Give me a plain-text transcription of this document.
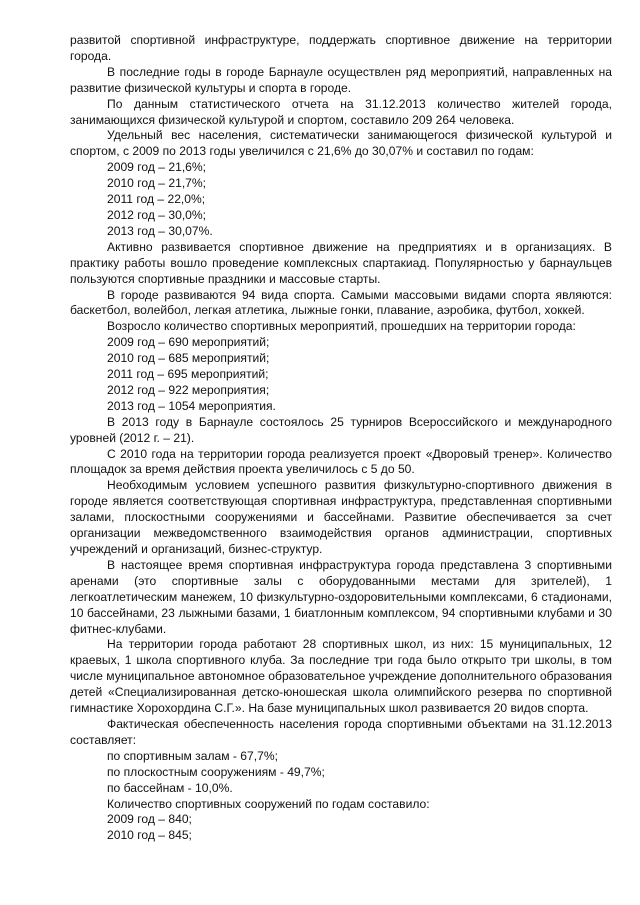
развитой спортивной инфраструктуре, поддержать спортивное движение на территории города.

В последние годы в городе Барнауле осуществлен ряд мероприятий, направленных на развитие физической культуры и спорта в городе.

По данным статистического отчета на 31.12.2013 количество жителей города, занимающихся физической культурой и спортом, составило 209 264 человека.

Удельный вес населения, систематически занимающегося физической культурой и спортом, с 2009 по 2013 годы увеличился с 21,6% до 30,07% и составил по годам:

2009 год – 21,6%;

2010 год – 21,7%;

2011 год – 22,0%;

2012 год – 30,0%;

2013 год – 30,07%.

Активно развивается спортивное движение на предприятиях и в организациях. В практику работы вошло проведение комплексных спартакиад. Популярностью у барнаульцев пользуются спортивные праздники и массовые старты.

В городе развиваются 94 вида спорта. Самыми массовыми видами спорта являются: баскетбол, волейбол, легкая атлетика, лыжные гонки, плавание, аэробика, футбол, хоккей.

Возросло количество спортивных мероприятий, прошедших на территории города:

2009 год – 690 мероприятий;

2010 год – 685 мероприятий;

2011 год – 695 мероприятий;

2012 год – 922 мероприятия;

2013 год – 1054 мероприятия.

В 2013 году в Барнауле состоялось 25 турниров Всероссийского и международного уровней (2012 г. – 21).

С 2010 года на территории города реализуется проект «Дворовый тренер». Количество площадок за время действия проекта увеличилось с 5 до 50.

Необходимым условием успешного развития физкультурно-спортивного движения в городе является соответствующая спортивная инфраструктура, представленная спортивными залами, плоскостными сооружениями и бассейнами. Развитие обеспечивается за счет организации межведомственного взаимодействия органов администрации, спортивных учреждений и организаций, бизнес-структур.

В настоящее время спортивная инфраструктура города представлена 3 спортивными аренами (это спортивные залы с оборудованными местами для зрителей), 1 легкоатлетическим манежем, 10 физкультурно-оздоровительными комплексами, 6 стадионами, 10 бассейнами, 23 лыжными базами, 1 биатлонным комплексом, 94 спортивными клубами и 30 фитнес-клубами.

На территории города работают 28 спортивных школ, из них: 15 муниципальных, 12 краевых, 1 школа спортивного клуба. За последние три года было открыто три школы, в том числе муниципальное автономное образовательное учреждение дополнительного образования детей «Специализированная детско-юношеская школа олимпийского резерва по спортивной гимнастике Хорохордина С.Г.». На базе муниципальных школ развивается 20 видов спорта.

Фактическая обеспеченность населения города спортивными объектами на 31.12.2013 составляет:

по спортивным залам - 67,7%;

по плоскостным сооружениям - 49,7%;

по бассейнам - 10,0%.

Количество спортивных сооружений по годам составило:

2009 год – 840;

2010 год – 845;
